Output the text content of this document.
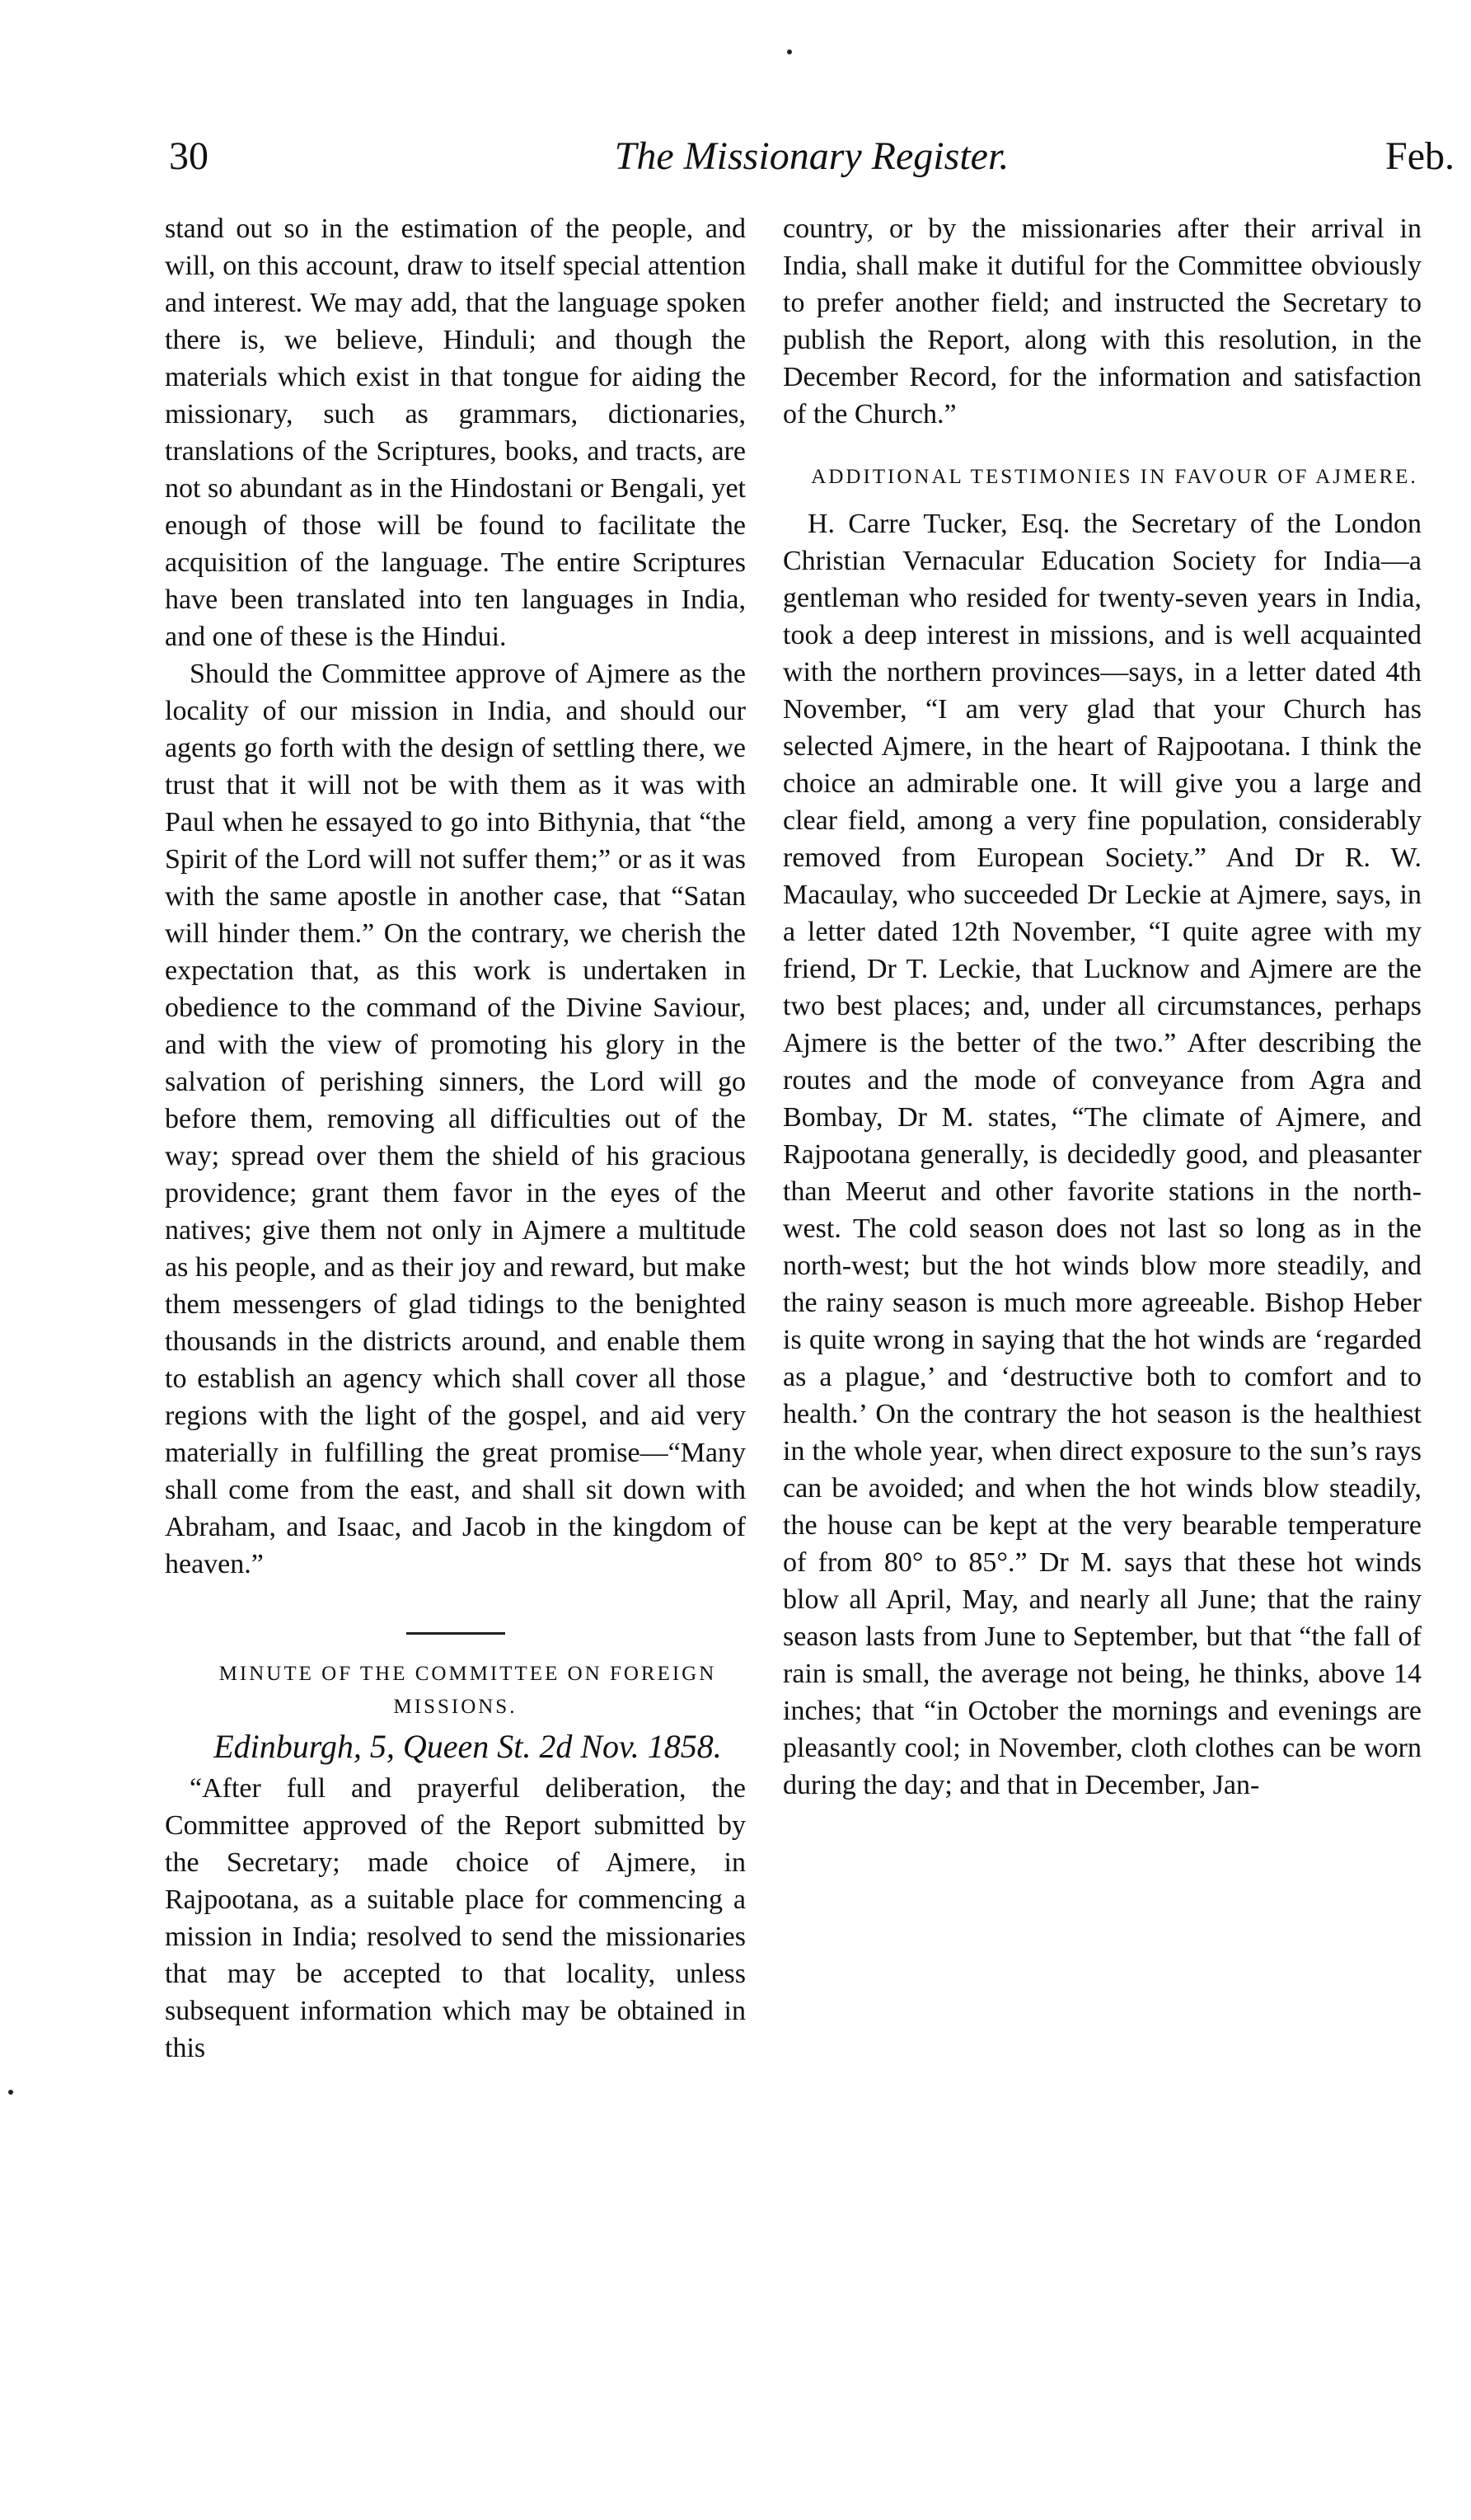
30	The Missionary Register.	Feb.

stand out so in the estimation of the people, and will, on this account, draw to itself special attention and interest. We may add, that the language spoken there is, we believe, Hinduli; and though the materials which exist in that tongue for aiding the missionary, such as grammars, dictionaries, translations of the Scriptures, books, and tracts, are not so abundant as in the Hindostani or Bengali, yet enough of those will be found to facilitate the acquisition of the language. The entire Scriptures have been translated into ten languages in India, and one of these is the Hindui.

Should the Committee approve of Ajmere as the locality of our mission in India, and should our agents go forth with the design of settling there, we trust that it will not be with them as it was with Paul when he essayed to go into Bithynia, that “the Spirit of the Lord will not suffer them;” or as it was with the same apostle in another case, that “Satan will hinder them.” On the contrary, we cherish the expectation that, as this work is undertaken in obedience to the command of the Divine Saviour, and with the view of promoting his glory in the salvation of perishing sinners, the Lord will go before them, removing all difficulties out of the way; spread over them the shield of his gracious providence; grant them favor in the eyes of the natives; give them not only in Ajmere a multitude as his people, and as their joy and reward, but make them messengers of glad tidings to the benighted thousands in the districts around, and enable them to establish an agency which shall cover all those regions with the light of the gospel, and aid very materially in fulfilling the great promise—“Many shall come from the east, and shall sit down with Abraham, and Isaac, and Jacob in the kingdom of heaven.”

MINUTE OF THE COMMITTEE ON FOREIGN MISSIONS.

Edinburgh, 5, Queen St. 2d Nov. 1858.

“After full and prayerful deliberation, the Committee approved of the Report submitted by the Secretary; made choice of Ajmere, in Rajpootana, as a suitable place for commencing a mission in India; resolved to send the missionaries that may be accepted to that locality, unless subsequent information which may be obtained in this

country, or by the missionaries after their arrival in India, shall make it dutiful for the Committee obviously to prefer another field; and instructed the Secretary to publish the Report, along with this resolution, in the December Record, for the information and satisfaction of the Church.”

ADDITIONAL TESTIMONIES IN FAVOUR OF AJMERE.

H. Carre Tucker, Esq. the Secretary of the London Christian Vernacular Education Society for India—a gentleman who resided for twenty-seven years in India, took a deep interest in missions, and is well acquainted with the northern provinces—says, in a letter dated 4th November, “I am very glad that your Church has selected Ajmere, in the heart of Rajpootana. I think the choice an admirable one. It will give you a large and clear field, among a very fine population, considerably removed from European Society.” And Dr R. W. Macaulay, who succeeded Dr Leckie at Ajmere, says, in a letter dated 12th November, “I quite agree with my friend, Dr T. Leckie, that Lucknow and Ajmere are the two best places; and, under all circumstances, perhaps Ajmere is the better of the two.” After describing the routes and the mode of conveyance from Agra and Bombay, Dr M. states, “The climate of Ajmere, and Rajpootana generally, is decidedly good, and pleasanter than Meerut and other favorite stations in the north-west. The cold season does not last so long as in the north-west; but the hot winds blow more steadily, and the rainy season is much more agreeable. Bishop Heber is quite wrong in saying that the hot winds are ‘regarded as a plague,’ and ‘destructive both to comfort and to health.’ On the contrary the hot season is the healthiest in the whole year, when direct exposure to the sun’s rays can be avoided; and when the hot winds blow steadily, the house can be kept at the very bearable temperature of from 80° to 85°.” Dr M. says that these hot winds blow all April, May, and nearly all June; that the rainy season lasts from June to September, but that “the fall of rain is small, the average not being, he thinks, above 14 inches; that “in October the mornings and evenings are pleasantly cool; in November, cloth clothes can be worn during the day; and that in December, Jan-
